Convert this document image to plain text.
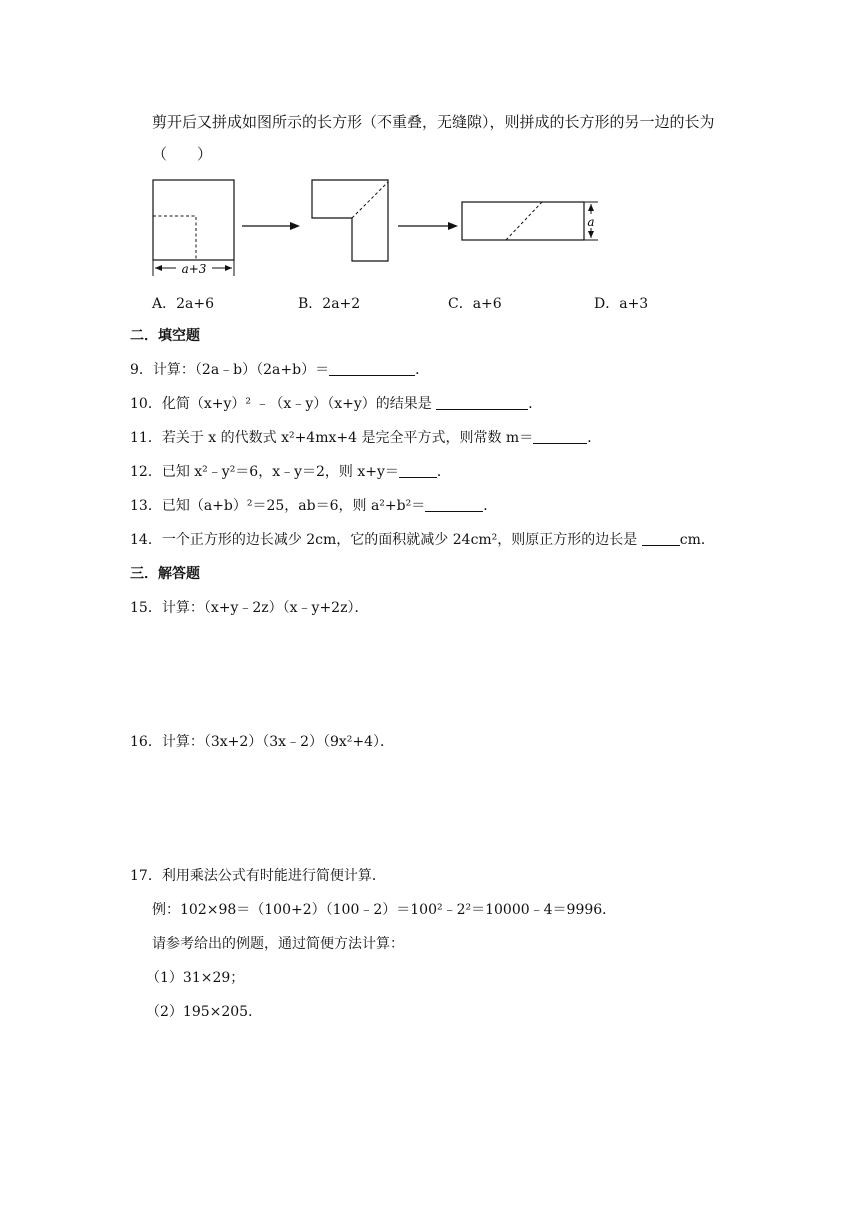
剪开后又拼成如图所示的长方形（不重叠，无缝隙），则拼成的长方形的另一边的长为
（　　）
a+3
a
A．2a+6	B．2a+2	C．a+6	D．a+3
二．填空题
9．计算：（2a﹣b）（2a+b）＝	．
10．化简（x+y）² ﹣（x﹣y）（x+y）的结果是	．
11．若关于 x 的代数式 x²+4mx+4 是完全平方式，则常数 m＝	．
12．已知 x²﹣y²＝6，x﹣y＝2，则 x+y＝	．
13．已知（a+b）²＝25，ab＝6，则 a²+b²＝	．
14．一个正方形的边长减少 2cm，它的面积就减少 24cm²，则原正方形的边长是	cm．
三．解答题
15．计算：（x+y﹣2z）（x﹣y+2z）．
16．计算：（3x+2）（3x﹣2）（9x²+4）．
17．利用乘法公式有时能进行简便计算．
例：102×98＝（100+2）（100﹣2）＝100²﹣2²＝10000﹣4＝9996．
请参考给出的例题，通过简便方法计算：
（1）31×29；
（2）195×205．
